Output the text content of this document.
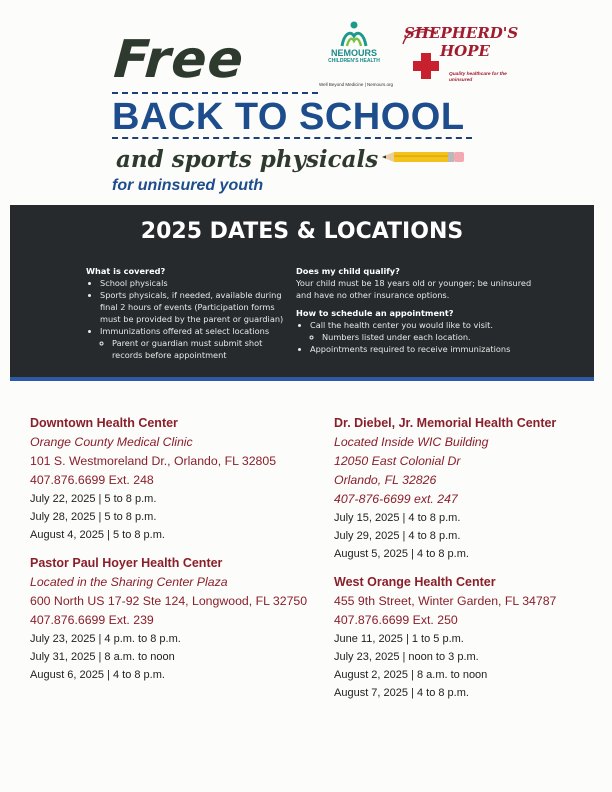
Free
BACK TO SCHOOL
and sports physicals
for uninsured youth
NEMOURS
CHILDREN'S HEALTH
Well Beyond Medicine | Nemours.org
SHEPHERD'S
HOPE
Quality healthcare for the uninsured
2025 DATES & LOCATIONS
What is covered?
• School physicals
• Sports physicals, if needed, available during final 2 hours of events (Participation forms must be provided by the parent or guardian)
• Immunizations offered at select locations
◦ Parent or guardian must submit shot records before appointment
Does my child qualify?
Your child must be 18 years old or younger; be uninsured and have no other insurance options.
How to schedule an appointment?
• Call the health center you would like to visit.
◦ Numbers listed under each location.
• Appointments required to receive immunizations
Downtown Health Center
Orange County Medical Clinic
101 S. Westmoreland Dr., Orlando, FL 32805
407.876.6699 Ext. 248
July 22, 2025 | 5 to 8 p.m.
July 28, 2025 | 5 to 8 p.m.
August 4, 2025 | 5 to 8 p.m.
Pastor Paul Hoyer Health Center
Located in the Sharing Center Plaza
600 North US 17-92 Ste 124, Longwood, FL 32750
407.876.6699 Ext. 239
July 23, 2025 | 4 p.m. to 8 p.m.
July 31, 2025 | 8 a.m. to noon
August 6, 2025 | 4 to 8 p.m.
Dr. Diebel, Jr. Memorial Health Center
Located Inside WIC Building
12050 East Colonial Dr
Orlando, FL 32826
407-876-6699 ext. 247
July 15, 2025 | 4 to 8 p.m.
July 29, 2025 | 4 to 8 p.m.
August 5, 2025 | 4 to 8 p.m.
West Orange Health Center
455 9th Street, Winter Garden, FL 34787
407.876.6699 Ext. 250
June 11, 2025 | 1 to 5 p.m.
July 23, 2025 | noon to 3 p.m.
August 2, 2025 | 8 a.m. to noon
August 7, 2025 | 4 to 8 p.m.
